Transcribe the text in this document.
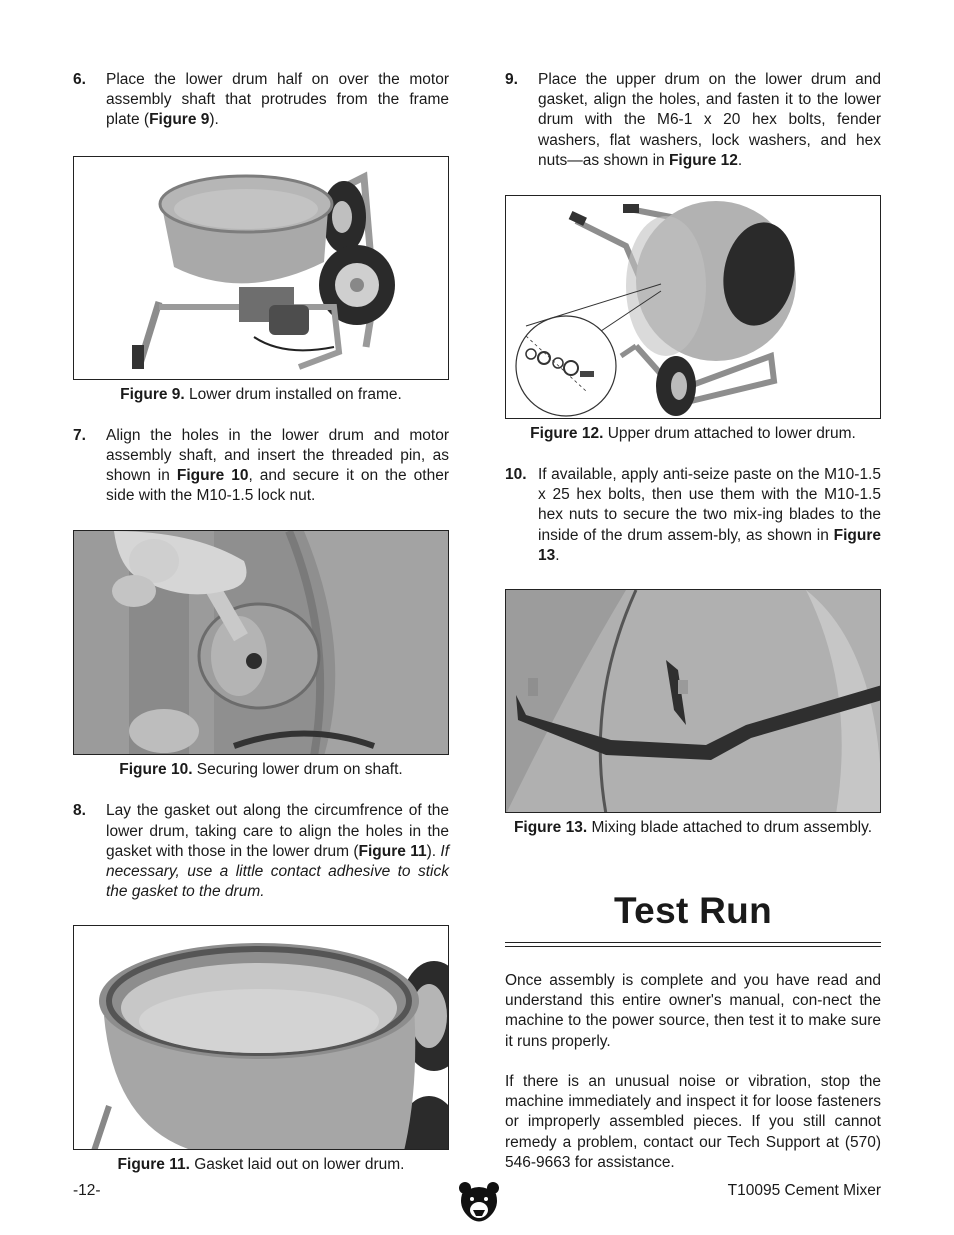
6.	Place the lower drum half on over the motor assembly shaft that protrudes from the frame plate (Figure 9).
Figure 9. Lower drum installed on frame.
7.	Align the holes in the lower drum and motor assembly shaft, and insert the threaded pin, as shown in Figure 10, and secure it on the other side with the M10-1.5 lock nut.
Figure 10. Securing lower drum on shaft.
8.	Lay the gasket out along the circumfrence of the lower drum, taking care to align the holes in the gasket with those in the lower drum (Figure 11). If necessary, use a little contact adhesive to stick the gasket to the drum.
Figure 11. Gasket laid out on lower drum.
9.	Place the upper drum on the lower drum and gasket, align the holes, and fasten it to the lower drum with the M6-1 x 20 hex bolts, fender washers, flat washers, lock washers, and hex nuts—as shown in Figure 12.
Figure 12. Upper drum attached to lower drum.
10. If available, apply anti-seize paste on the M10-1.5 x 25 hex bolts, then use them with the M10-1.5 hex nuts to secure the two mix-ing blades to the inside of the drum assem-bly, as shown in Figure 13.
Figure 13. Mixing blade attached to drum assembly.
Test Run
Once assembly is complete and you have read and understand this entire owner's manual, con-nect the machine to the power source, then test it to make sure it runs properly.
If there is an unusual noise or vibration, stop the machine immediately and inspect it for loose fasteners or improperly assembled pieces. If you still cannot remedy a problem, contact our Tech Support at (570) 546-9663 for assistance.
-12-	T10095 Cement Mixer
